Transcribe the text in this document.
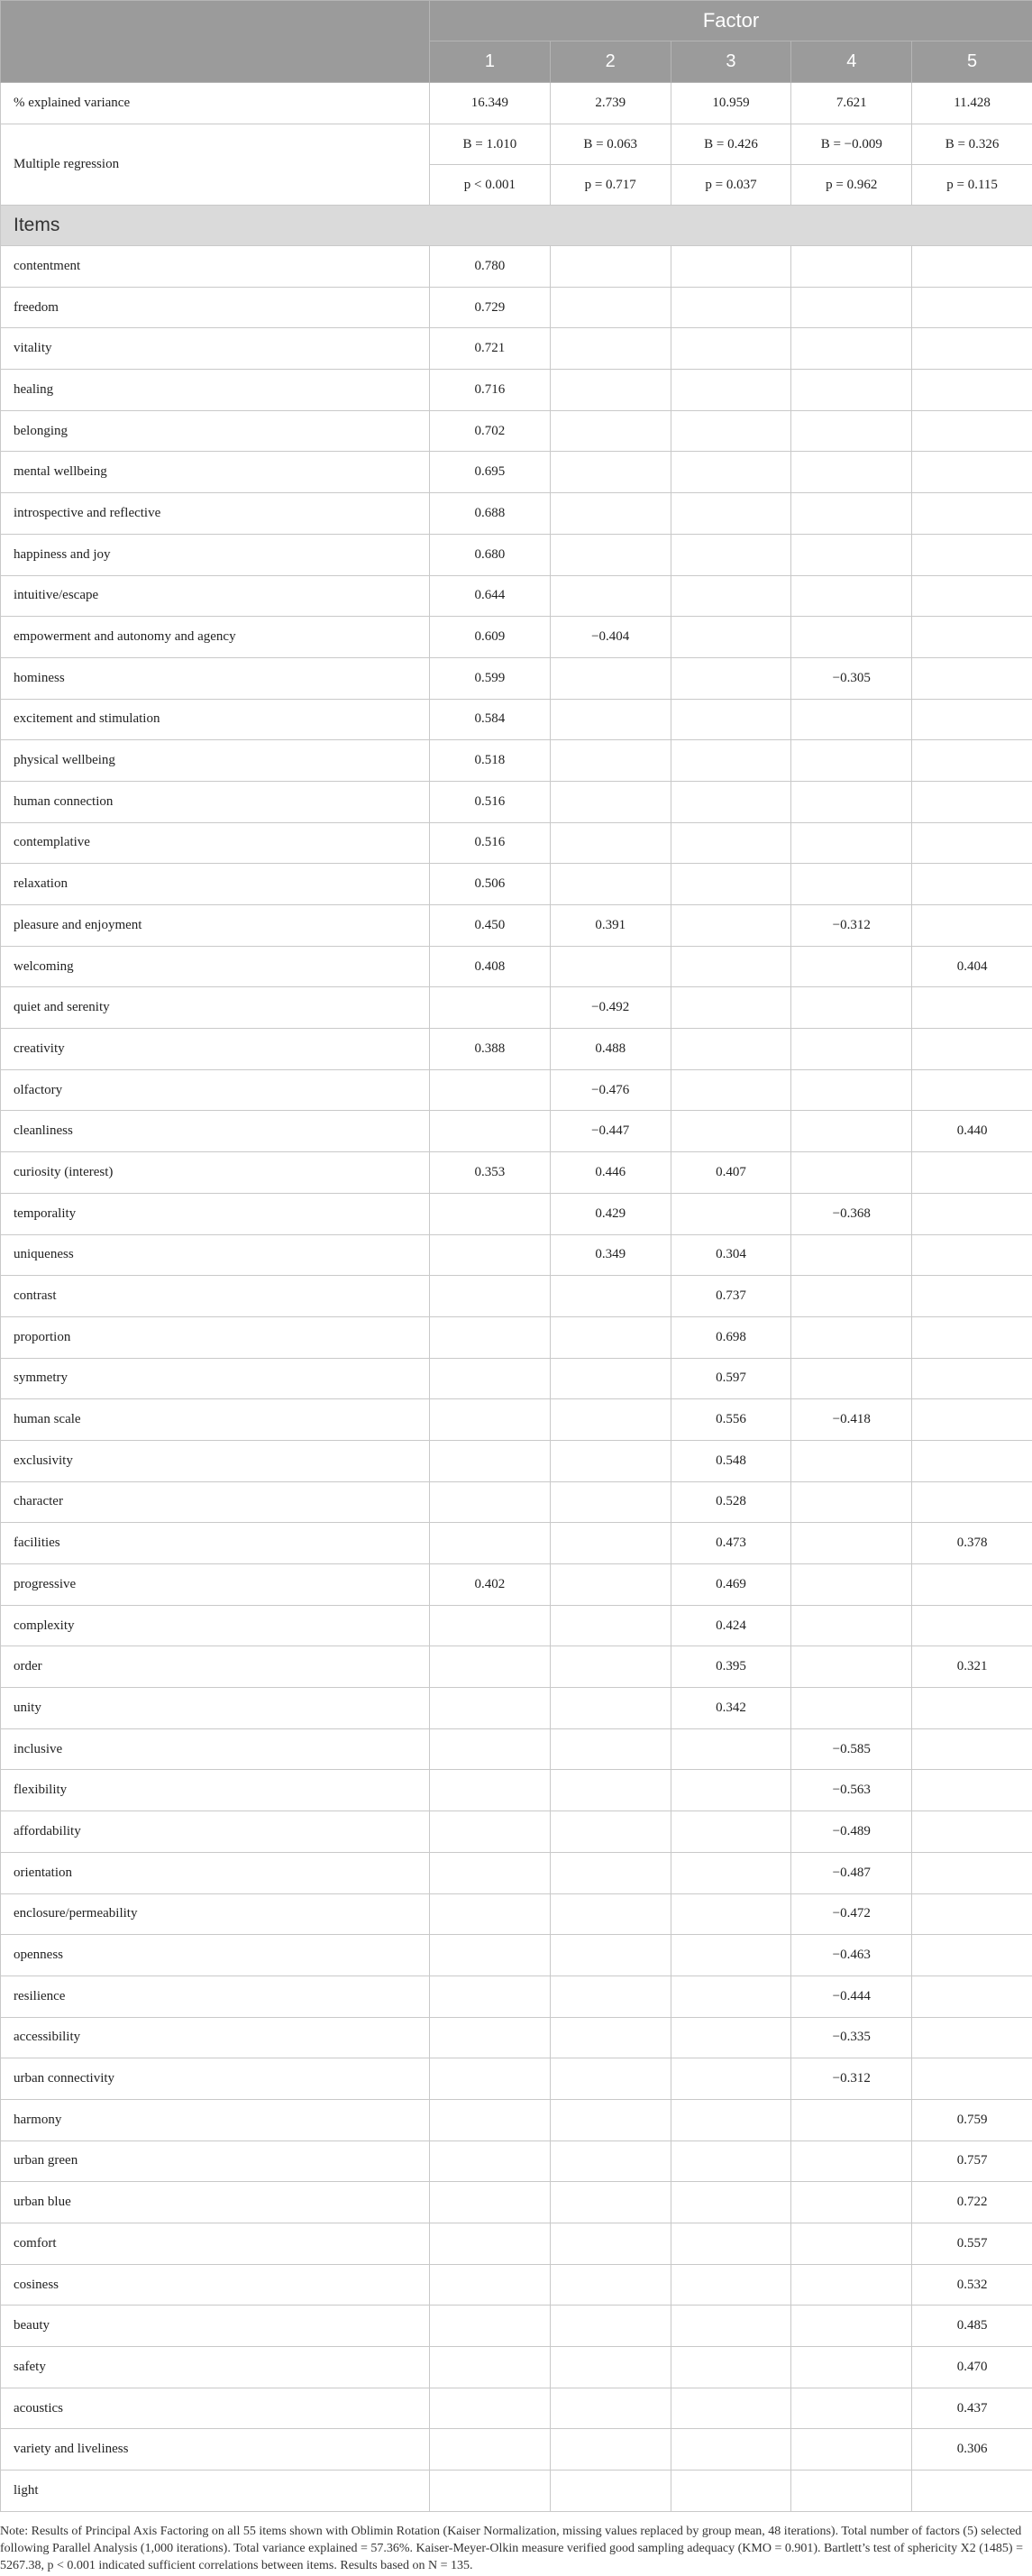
	Factor				
	1	2	3	4	5
% explained variance	16.349	2.739	10.959	7.621	11.428
Multiple regression	B = 1.010	B = 0.063	B = 0.426	B = −0.009	B = 0.326
	p < 0.001	p = 0.717	p = 0.037	p = 0.962	p = 0.115
Items					
contentment	0.780				
freedom	0.729				
vitality	0.721				
healing	0.716				
belonging	0.702				
mental wellbeing	0.695				
introspective and reflective	0.688				
happiness and joy	0.680				
intuitive/escape	0.644				
empowerment and autonomy and agency	0.609	−0.404			
hominess	0.599			−0.305	
excitement and stimulation	0.584				
physical wellbeing	0.518				
human connection	0.516				
contemplative	0.516				
relaxation	0.506				
pleasure and enjoyment	0.450	0.391		−0.312	
welcoming	0.408				0.404
quiet and serenity		−0.492			
creativity	0.388	0.488			
olfactory		−0.476			
cleanliness		−0.447			0.440
curiosity (interest)	0.353	0.446	0.407		
temporality		0.429		−0.368	
uniqueness		0.349	0.304		
contrast			0.737		
proportion			0.698		
symmetry			0.597		
human scale			0.556	−0.418	
exclusivity			0.548		
character			0.528		
facilities			0.473		0.378
progressive	0.402		0.469		
complexity			0.424		
order			0.395		0.321
unity			0.342		
inclusive				−0.585	
flexibility				−0.563	
affordability				−0.489	
orientation				−0.487	
enclosure/permeability				−0.472	
openness				−0.463	
resilience				−0.444	
accessibility				−0.335	
urban connectivity				−0.312	
harmony					0.759
urban green					0.757
urban blue					0.722
comfort					0.557
cosiness					0.532
beauty					0.485
safety					0.470
acoustics					0.437
variety and liveliness					0.306
light					
Note: Results of Principal Axis Factoring on all 55 items shown with Oblimin Rotation (Kaiser Normalization, missing values replaced by group mean, 48 iterations). Total number of factors (5) selected following Parallel Analysis (1,000 iterations). Total variance explained = 57.36%. Kaiser-Meyer-Olkin measure verified good sampling adequacy (KMO = 0.901). Bartlett’s test of sphericity X2 (1485) = 5267.38, p < 0.001 indicated sufficient correlations between items. Results based on N = 135.
